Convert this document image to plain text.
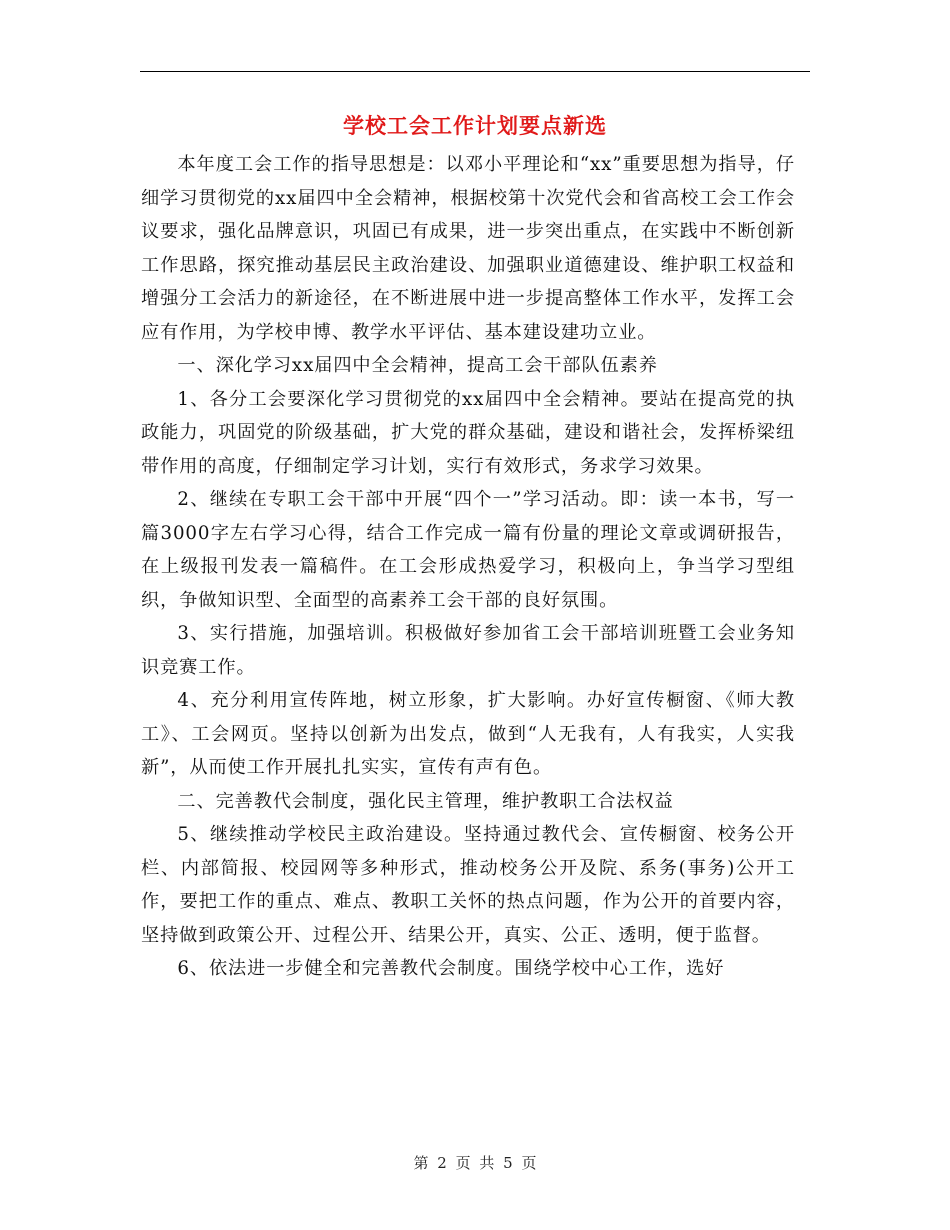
学校工会工作计划要点新选

本年度工会工作的指导思想是：以邓小平理论和“xx”重要思想为指导，仔细学习贯彻党的xx届四中全会精神，根据校第十次党代会和省高校工会工作会议要求，强化品牌意识，巩固已有成果，进一步突出重点，在实践中不断创新工作思路，探究推动基层民主政治建设、加强职业道德建设、维护职工权益和增强分工会活力的新途径，在不断进展中进一步提高整体工作水平，发挥工会应有作用，为学校申博、教学水平评估、基本建设建功立业。

一、深化学习xx届四中全会精神，提高工会干部队伍素养

1、各分工会要深化学习贯彻党的xx届四中全会精神。要站在提高党的执政能力，巩固党的阶级基础，扩大党的群众基础，建设和谐社会，发挥桥梁纽带作用的高度，仔细制定学习计划，实行有效形式，务求学习效果。

2、继续在专职工会干部中开展“四个一”学习活动。即：读一本书，写一篇3000字左右学习心得，结合工作完成一篇有份量的理论文章或调研报告，在上级报刊发表一篇稿件。在工会形成热爱学习，积极向上，争当学习型组织，争做知识型、全面型的高素养工会干部的良好氛围。

3、实行措施，加强培训。积极做好参加省工会干部培训班暨工会业务知识竞赛工作。

4、充分利用宣传阵地，树立形象，扩大影响。办好宣传橱窗、《师大教工》、工会网页。坚持以创新为出发点，做到“人无我有，人有我实，人实我新”，从而使工作开展扎扎实实，宣传有声有色。

二、完善教代会制度，强化民主管理，维护教职工合法权益

5、继续推动学校民主政治建设。坚持通过教代会、宣传橱窗、校务公开栏、内部简报、校园网等多种形式，推动校务公开及院、系务(事务)公开工作，要把工作的重点、难点、教职工关怀的热点问题，作为公开的首要内容，坚持做到政策公开、过程公开、结果公开，真实、公正、透明，便于监督。

6、依法进一步健全和完善教代会制度。围绕学校中心工作，选好

第 2 页 共 5 页
